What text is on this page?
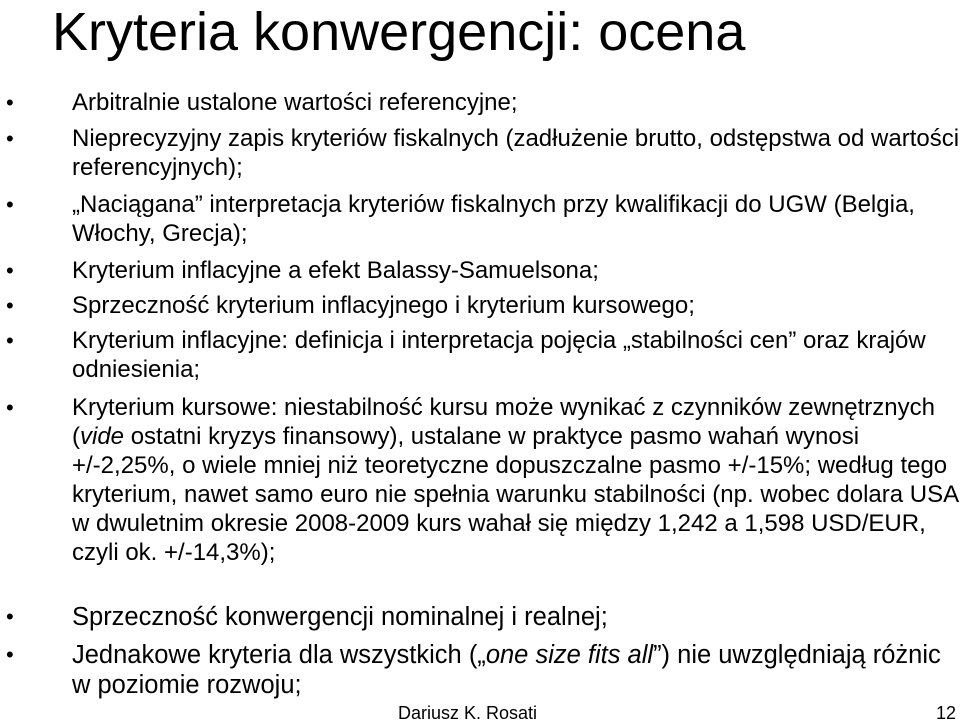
Kryteria konwergencji: ocena
• Arbitralnie ustalone wartości referencyjne;
• Nieprecyzyjny zapis kryteriów fiskalnych (zadłużenie brutto, odstępstwa od wartości referencyjnych);
• „Naciągana” interpretacja kryteriów fiskalnych przy kwalifikacji do UGW (Belgia, Włochy, Grecja);
• Kryterium inflacyjne a efekt Balassy-Samuelsona;
• Sprzeczność kryterium inflacyjnego i kryterium kursowego;
• Kryterium inflacyjne: definicja i interpretacja pojęcia „stabilności cen” oraz krajów odniesienia;
• Kryterium kursowe: niestabilność kursu może wynikać z czynników zewnętrznych (vide ostatni kryzys finansowy), ustalane w praktyce pasmo wahań wynosi +/-2,25%, o wiele mniej niż teoretyczne dopuszczalne pasmo +/-15%; według tego kryterium, nawet samo euro nie spełnia warunku stabilności (np. wobec dolara USA w dwuletnim okresie 2008-2009 kurs wahał się między 1,242 a 1,598 USD/EUR, czyli ok. +/-14,3%);
• Sprzeczność konwergencji nominalnej i realnej;
• Jednakowe kryteria dla wszystkich („one size fits all”) nie uwzględniają różnic w poziomie rozwoju;
Dariusz K. Rosati	12
